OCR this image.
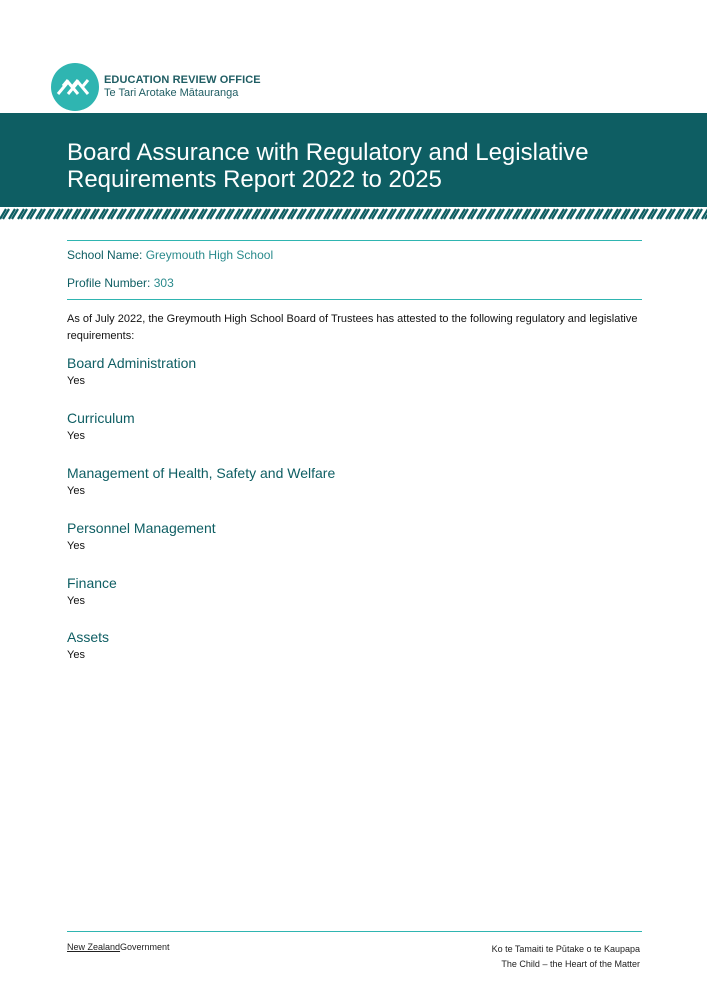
EDUCATION REVIEW OFFICE
Te Tari Arotake Mātauranga
Board Assurance with Regulatory and Legislative Requirements Report 2022 to 2025
School Name: Greymouth High School
Profile Number: 303
As of July 2022, the Greymouth High School Board of Trustees has attested to the following regulatory and legislative requirements:
Board Administration
Yes
Curriculum
Yes
Management of Health, Safety and Welfare
Yes
Personnel Management
Yes
Finance
Yes
Assets
Yes
New ZealandGovernment	Ko te Tamaiti te Pūtake o te Kaupapa
The Child – the Heart of the Matter
